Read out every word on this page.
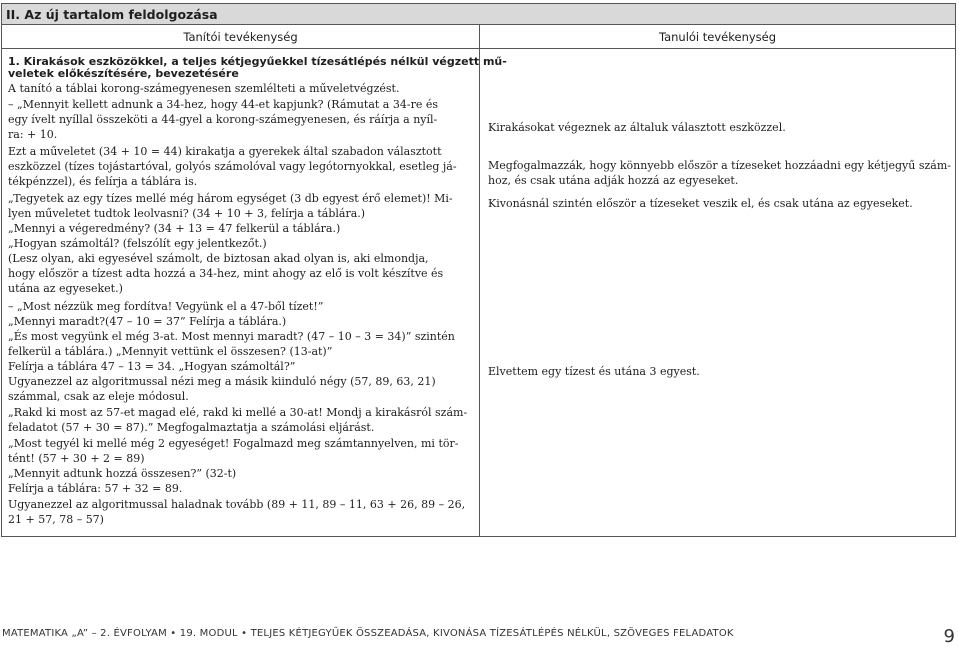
II. Az új tartalom feldolgozása
Tanítói tevékenység	Tanulói tevékenység
1. Kirakások eszközökkel, a teljes kétjegyűekkel tízesátlépés nélkül végzett mű-
veletek előkészítésére, bevezetésére
A tanító a táblai korong-számegyenesen szemlélteti a műveletvégzést.
– „Mennyit kellett adnunk a 34-hez, hogy 44-et kapjunk? (Rámutat a 34-re és
egy ívelt nyíllal összeköti a 44-gyel a korong-számegyenesen, és ráírja a nyíl-
ra: + 10.
Ezt a műveletet (34 + 10 = 44) kirakatja a gyerekek által szabadon választott
eszközzel (tízes tojástartóval, golyós számolóval vagy legótornyokkal, esetleg já-
tékpénzzel), és felírja a táblára is.
„Tegyetek az egy tízes mellé még három egységet (3 db egyest érő elemet)! Mi-
lyen műveletet tudtok leolvasni? (34 + 10 + 3, felírja a táblára.)
„Mennyi a végeredmény? (34 + 13 = 47 felkerül a táblára.)
„Hogyan számoltál? (felszólít egy jelentkezőt.)
(Lesz olyan, aki egyesével számolt, de biztosan akad olyan is, aki elmondja,
hogy először a tízest adta hozzá a 34-hez, mint ahogy az elő is volt készítve és
utána az egyeseket.)
– „Most nézzük meg fordítva! Vegyünk el a 47-ből tízet!”
„Mennyi maradt?(47 – 10 = 37” Felírja a táblára.)
„És most vegyünk el még 3-at. Most mennyi maradt? (47 – 10 – 3 = 34)” szintén
felkerül a táblára.) „Mennyit vettünk el összesen? (13-at)”
Felírja a táblára 47 – 13 = 34. „Hogyan számoltál?”
Ugyanezzel az algoritmussal nézi meg a másik kiinduló négy (57, 89, 63, 21)
számmal, csak az eleje módosul.
„Rakd ki most az 57-et magad elé, rakd ki mellé a 30-at! Mondj a kirakásról szám-
feladatot (57 + 30 = 87).” Megfogalmaztatja a számolási eljárást.
„Most tegyél ki mellé még 2 egyeséget! Fogalmazd meg számtannyelven, mi tör-
tént! (57 + 30 + 2 = 89)
„Mennyit adtunk hozzá összesen?” (32-t)
Felírja a táblára: 57 + 32 = 89.
Ugyanezzel az algoritmussal haladnak tovább (89 + 11, 89 – 11, 63 + 26, 89 – 26,
21 + 57, 78 – 57)
Kirakásokat végeznek az általuk választott eszközzel.
Megfogalmazzák, hogy könnyebb először a tízeseket hozzáadni egy kétjegyű szám-
hoz, és csak utána adják hozzá az egyeseket.
Kivonásnál szintén először a tízeseket veszik el, és csak utána az egyeseket.
Elvettem egy tízest és utána 3 egyest.
MATEMATIKA „A” – 2. ÉVFOLYAM • 19. MODUL • TELJES KÉTJEGYŰEK ÖSSZEADÁSA, KIVONÁSA TÍZESÁTLÉPÉS NÉLKÜL, SZÖVEGES FELADATOK	9
